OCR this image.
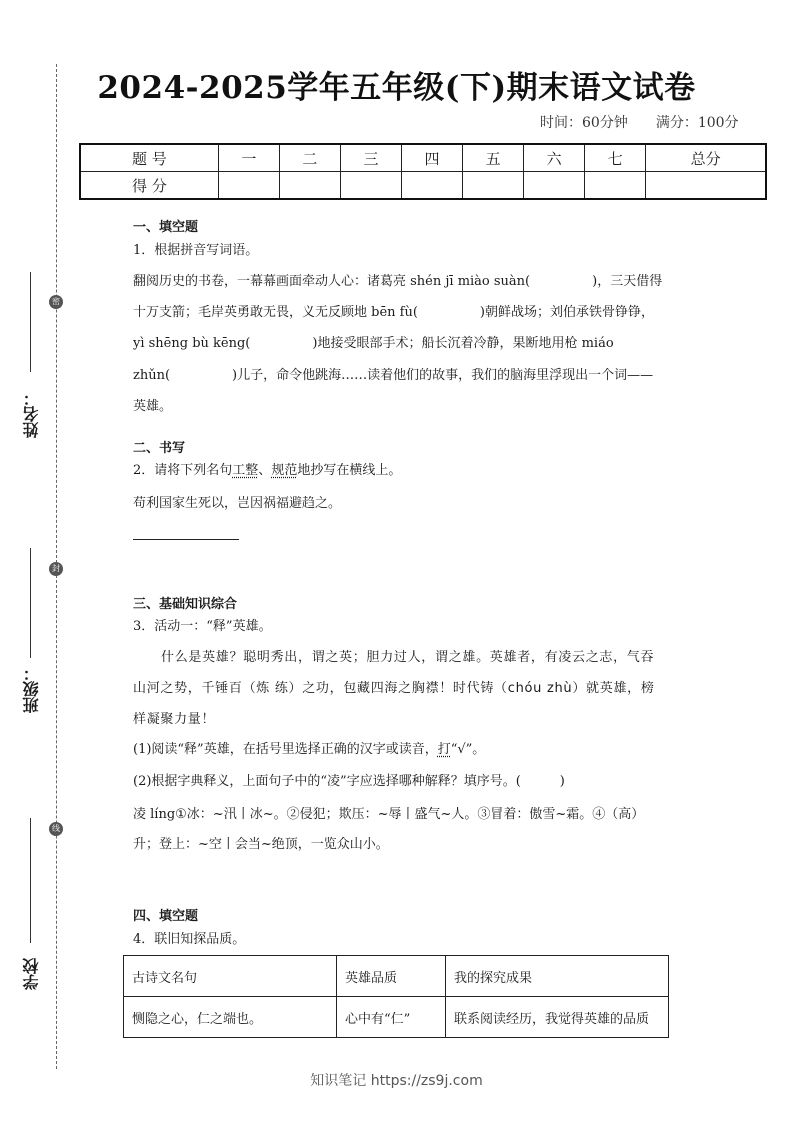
2024-2025学年五年级(下)期末语文试卷
时间：60分钟 满分：100分
题 号	一	二	三	四	五	六	七	总分
得 分								
姓名：
班级：
学校
密
封
线
一、填空题
1．根据拼音写词语。
翻阅历史的书卷，一幕幕画面牵动人心：诸葛亮 shén jī miào suàn(	)，三天借得
十万支箭；毛岸英勇敢无畏，义无反顾地 bēn fù(	)朝鲜战场；刘伯承铁骨铮铮，
yì shēng bù kēng(	)地接受眼部手术；船长沉着冷静，果断地用枪 miáo
zhǔn(	)儿子，命令他跳海……读着他们的故事，我们的脑海里浮现出一个词——
英雄。
二、书写
2．请将下列名句工整、规范地抄写在横线上。
苟利国家生死以，岂因祸福避趋之。
三、基础知识综合
3．活动一：“释”英雄。
什么是英雄？聪明秀出，谓之英；胆力过人，谓之雄。英雄者，有凌云之志，气吞山河之势，千锤百（炼 练）之功，包藏四海之胸襟！时代铸（chóu zhù）就英雄，榜样凝聚力量！
(1)阅读“释”英雄，在括号里选择正确的汉字或读音，打“√”。
(2)根据字典释义，上面句子中的“凌”字应选择哪种解释？填序号。(　　　)
凌 líng①冰：~汛丨冰~。②侵犯；欺压：~辱丨盛气~人。③冒着：傲雪~霜。④（高）
升；登上：~空丨会当~绝顶，一览众山小。
四、填空题
4．联旧知探品质。
古诗文名句	英雄品质	我的探究成果
恻隐之心，仁之端也。	心中有“仁”	联系阅读经历，我觉得英雄的品质
知识笔记 https://zs9j.com
